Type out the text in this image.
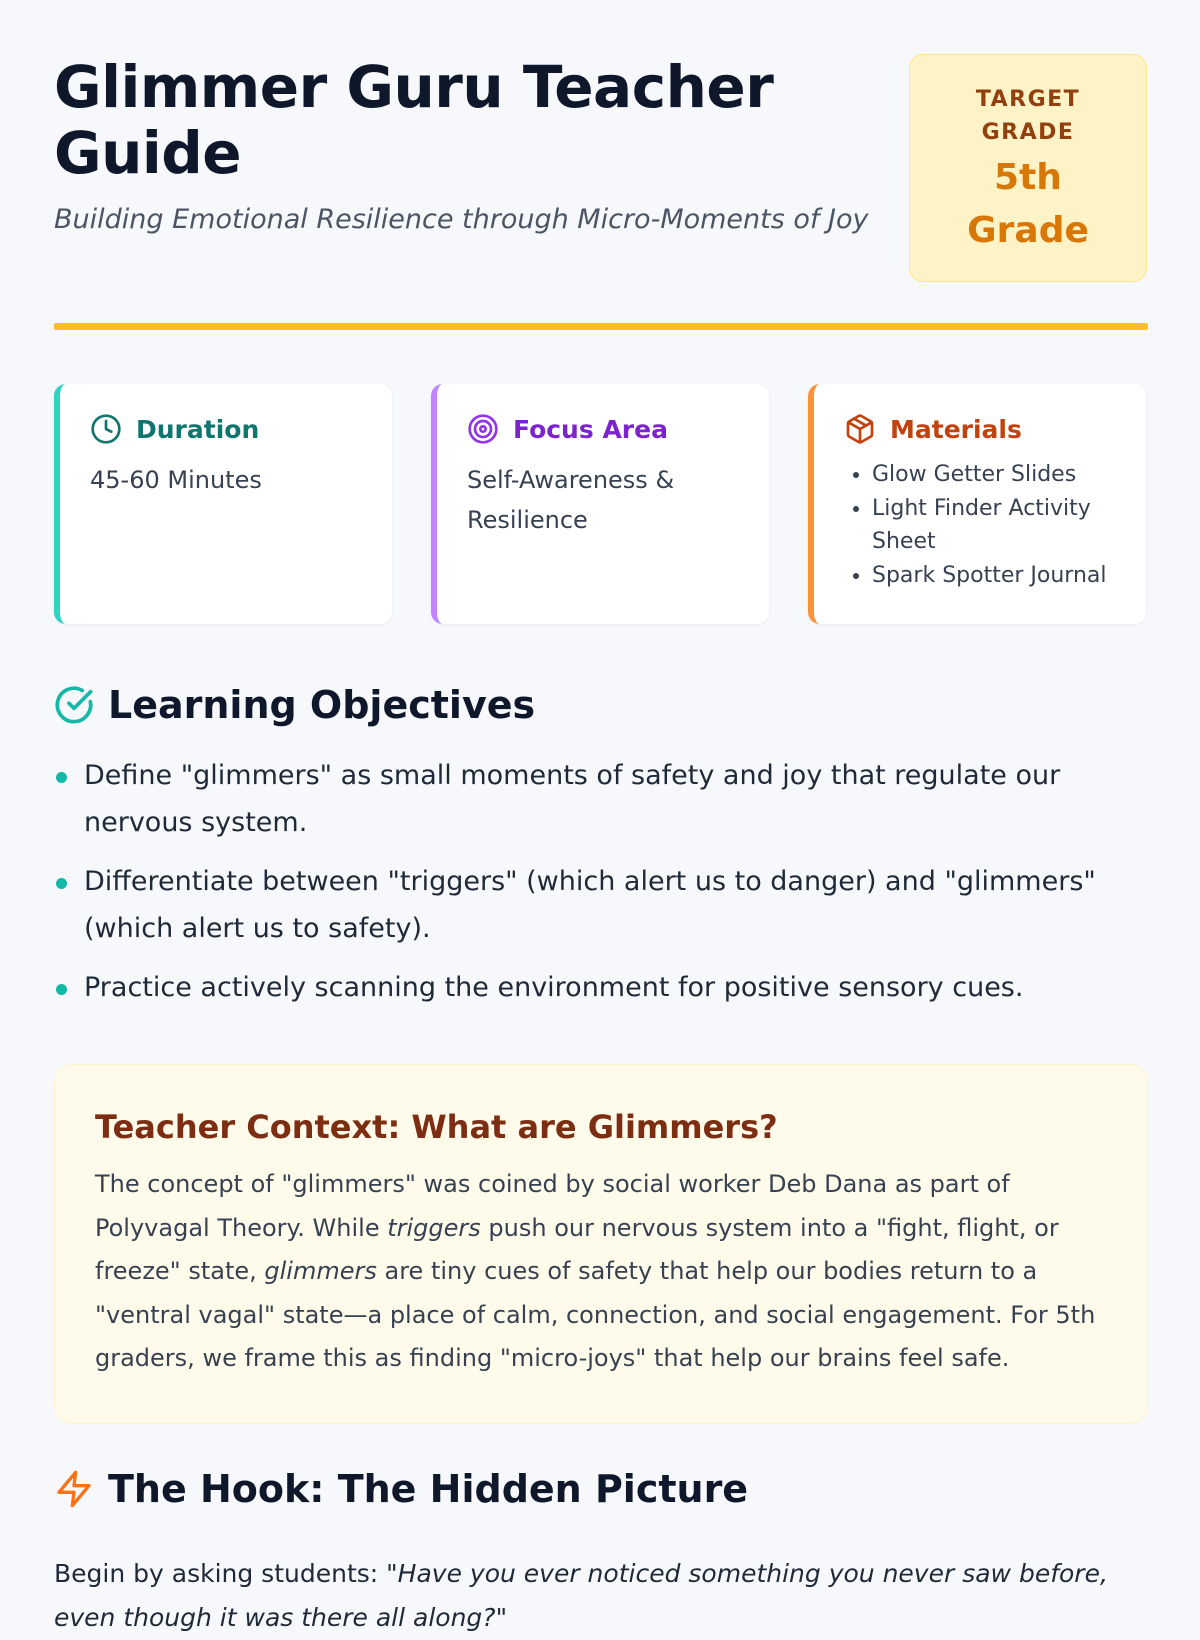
Glimmer Guru Teacher Guide
Building Emotional Resilience through Micro-Moments of Joy
TARGET
GRADE
5th
Grade
Duration
45-60 Minutes
Focus Area
Self-Awareness & Resilience
Materials
• Glow Getter Slides
• Light Finder Activity Sheet
• Spark Spotter Journal
Learning Objectives
Define "glimmers" as small moments of safety and joy that regulate our nervous system.
Differentiate between "triggers" (which alert us to danger) and "glimmers" (which alert us to safety).
Practice actively scanning the environment for positive sensory cues.
Teacher Context: What are Glimmers?

The concept of "glimmers" was coined by social worker Deb Dana as part of Polyvagal Theory. While triggers push our nervous system into a "fight, flight, or freeze" state, glimmers are tiny cues of safety that help our bodies return to a "ventral vagal" state—a place of calm, connection, and social engagement. For 5th graders, we frame this as finding "micro-joys" that help our brains feel safe.

The Hook: The Hidden Picture

Begin by asking students: "Have you ever noticed something you never saw before, even though it was there all along?"
